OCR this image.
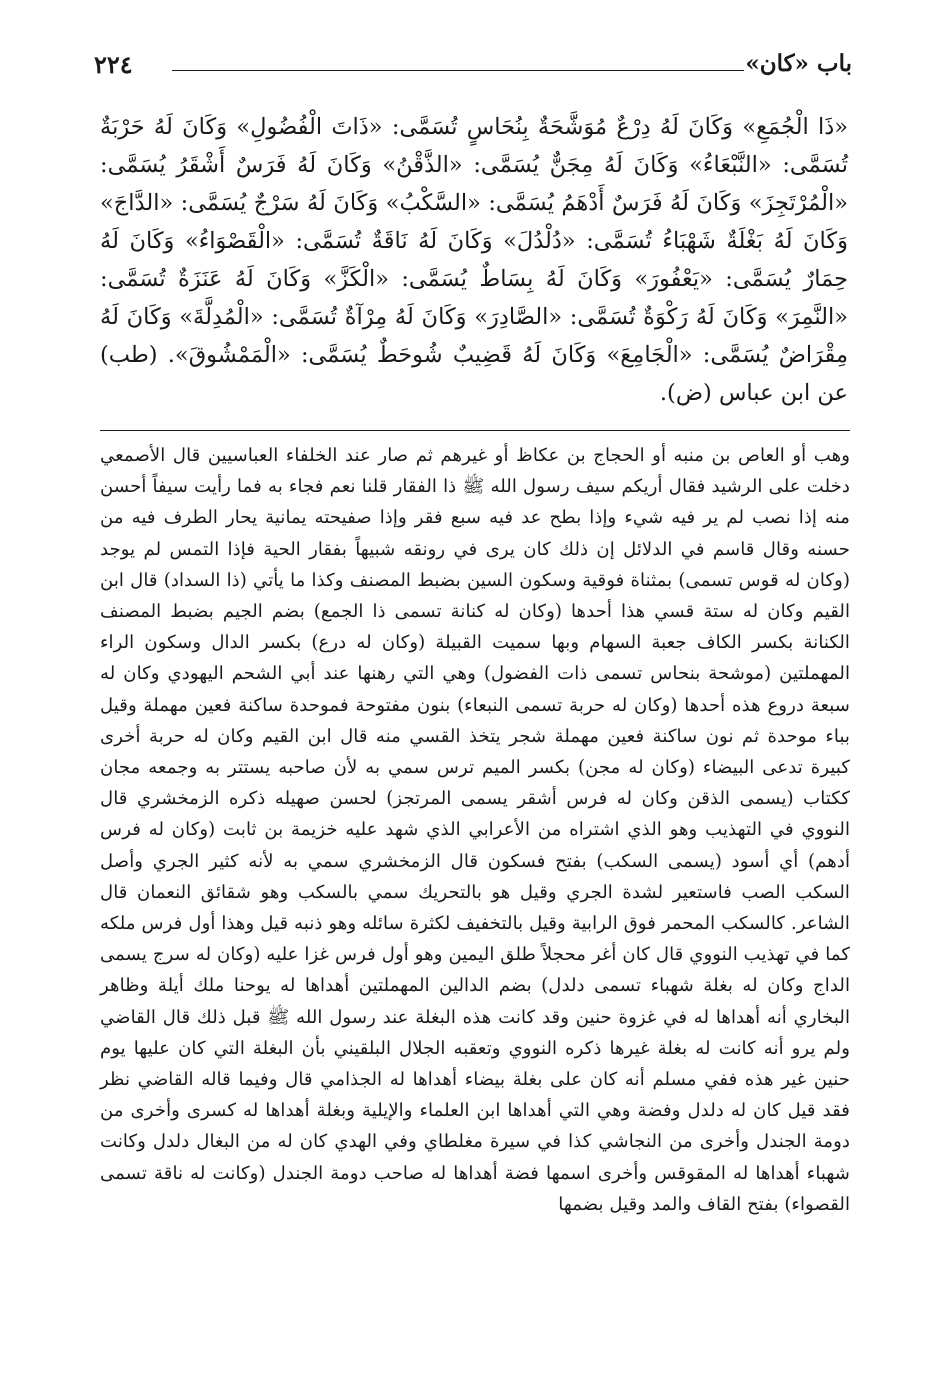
باب «كان»
٢٢٤

«ذَا الْجُمَعِ» وَكَانَ لَهُ دِرْعٌ مُوَشَّحَةٌ بِنُحَاسٍ تُسَمَّى: «ذَاتَ الْفُضُولِ» وَكَانَ لَهُ حَرْبَةٌ تُسَمَّى: «النَّبْعَاءُ» وَكَانَ لَهُ مِجَنٌّ يُسَمَّى: «الذَّقْنُ» وَكَانَ لَهُ فَرَسٌ أَشْقَرُ يُسَمَّى: «الْمُرْتَجِزَ» وَكَانَ لَهُ فَرَسٌ أَدْهَمُ يُسَمَّى: «السَّكْبُ» وَكَانَ لَهُ سَرْجٌ يُسَمَّى: «الدَّاجَ» وَكَانَ لَهُ بَغْلَةٌ شَهْبَاءُ تُسَمَّى: «دُلْدُلَ» وَكَانَ لَهُ نَاقَةٌ تُسَمَّى: «الْقَصْوَاءُ» وَكَانَ لَهُ حِمَارٌ يُسَمَّى: «يَعْفُورَ» وَكَانَ لَهُ بِسَاطٌ يُسَمَّى: «الْكَزَّ» وَكَانَ لَهُ عَنَزَةٌ تُسَمَّى: «النَّمِرَ» وَكَانَ لَهُ رَكْوَةٌ تُسَمَّى: «الصَّادِرَ» وَكَانَ لَهُ مِرْآةٌ تُسَمَّى: «الْمُدِلَّةَ» وَكَانَ لَهُ مِقْرَاضٌ يُسَمَّى: «الْجَامِعَ» وَكَانَ لَهُ قَضِيبٌ شُوحَطٌ يُسَمَّى: «الْمَمْشُوقَ». (طب) عن ابن عباس (ض).

وهب أو العاص بن منبه أو الحجاج بن عكاظ أو غيرهم ثم صار عند الخلفاء العباسيين قال الأصمعي دخلت على الرشيد فقال أريكم سيف رسول الله ﷺ ذا الفقار قلنا نعم فجاء به فما رأيت سيفاً أحسن منه إذا نصب لم ير فيه شيء وإذا بطح عد فيه سبع فقر وإذا صفيحته يمانية يحار الطرف فيه من حسنه وقال قاسم في الدلائل إن ذلك كان يرى في رونقه شبيهاً بفقار الحية فإذا التمس لم يوجد (وكان له قوس تسمى) بمثناة فوقية وسكون السين بضبط المصنف وكذا ما يأتي (ذا السداد) قال ابن القيم وكان له ستة قسي هذا أحدها (وكان له كنانة تسمى ذا الجمع) بضم الجيم بضبط المصنف الكنانة بكسر الكاف جعبة السهام وبها سميت القبيلة (وكان له درع) بكسر الدال وسكون الراء المهملتين (موشحة بنحاس تسمى ذات الفضول) وهي التي رهنها عند أبي الشحم اليهودي وكان له سبعة دروع هذه أحدها (وكان له حربة تسمى النبعاء) بنون مفتوحة فموحدة ساكنة فعين مهملة وقيل بباء موحدة ثم نون ساكنة فعين مهملة شجر يتخذ القسي منه قال ابن القيم وكان له حربة أخرى كبيرة تدعى البيضاء (وكان له مجن) بكسر الميم ترس سمي به لأن صاحبه يستتر به وجمعه مجان ككتاب (يسمى الذقن وكان له فرس أشقر يسمى المرتجز) لحسن صهيله ذكره الزمخشري قال النووي في التهذيب وهو الذي اشتراه من الأعرابي الذي شهد عليه خزيمة بن ثابت (وكان له فرس أدهم) أي أسود (يسمى السكب) بفتح فسكون قال الزمخشري سمي به لأنه كثير الجري وأصل السكب الصب فاستعير لشدة الجري وقيل هو بالتحريك سمي بالسكب وهو شقائق النعمان قال الشاعر. كالسكب المحمر فوق الرابية وقيل بالتخفيف لكثرة سائله وهو ذنبه قيل وهذا أول فرس ملكه كما في تهذيب النووي قال كان أغر محجلاً طلق اليمين وهو أول فرس غزا عليه (وكان له سرج يسمى الداج وكان له بغلة شهباء تسمى دلدل) بضم الدالين المهملتين أهداها له يوحنا ملك أيلة وظاهر البخاري أنه أهداها له في غزوة حنين وقد كانت هذه البغلة عند رسول الله ﷺ قبل ذلك قال القاضي ولم يرو أنه كانت له بغلة غيرها ذكره النووي وتعقبه الجلال البلقيني بأن البغلة التي كان عليها يوم حنين غير هذه ففي مسلم أنه كان على بغلة بيضاء أهداها له الجذامي قال وفيما قاله القاضي نظر فقد قيل كان له دلدل وفضة وهي التي أهداها ابن العلماء والإيلية وبغلة أهداها له كسرى وأخرى من دومة الجندل وأخرى من النجاشي كذا في سيرة مغلطاي وفي الهدي كان له من البغال دلدل وكانت شهباء أهداها له المقوقس وأخرى اسمها فضة أهداها له صاحب دومة الجندل (وكانت له ناقة تسمى القصواء) بفتح القاف والمد وقيل بضمها
